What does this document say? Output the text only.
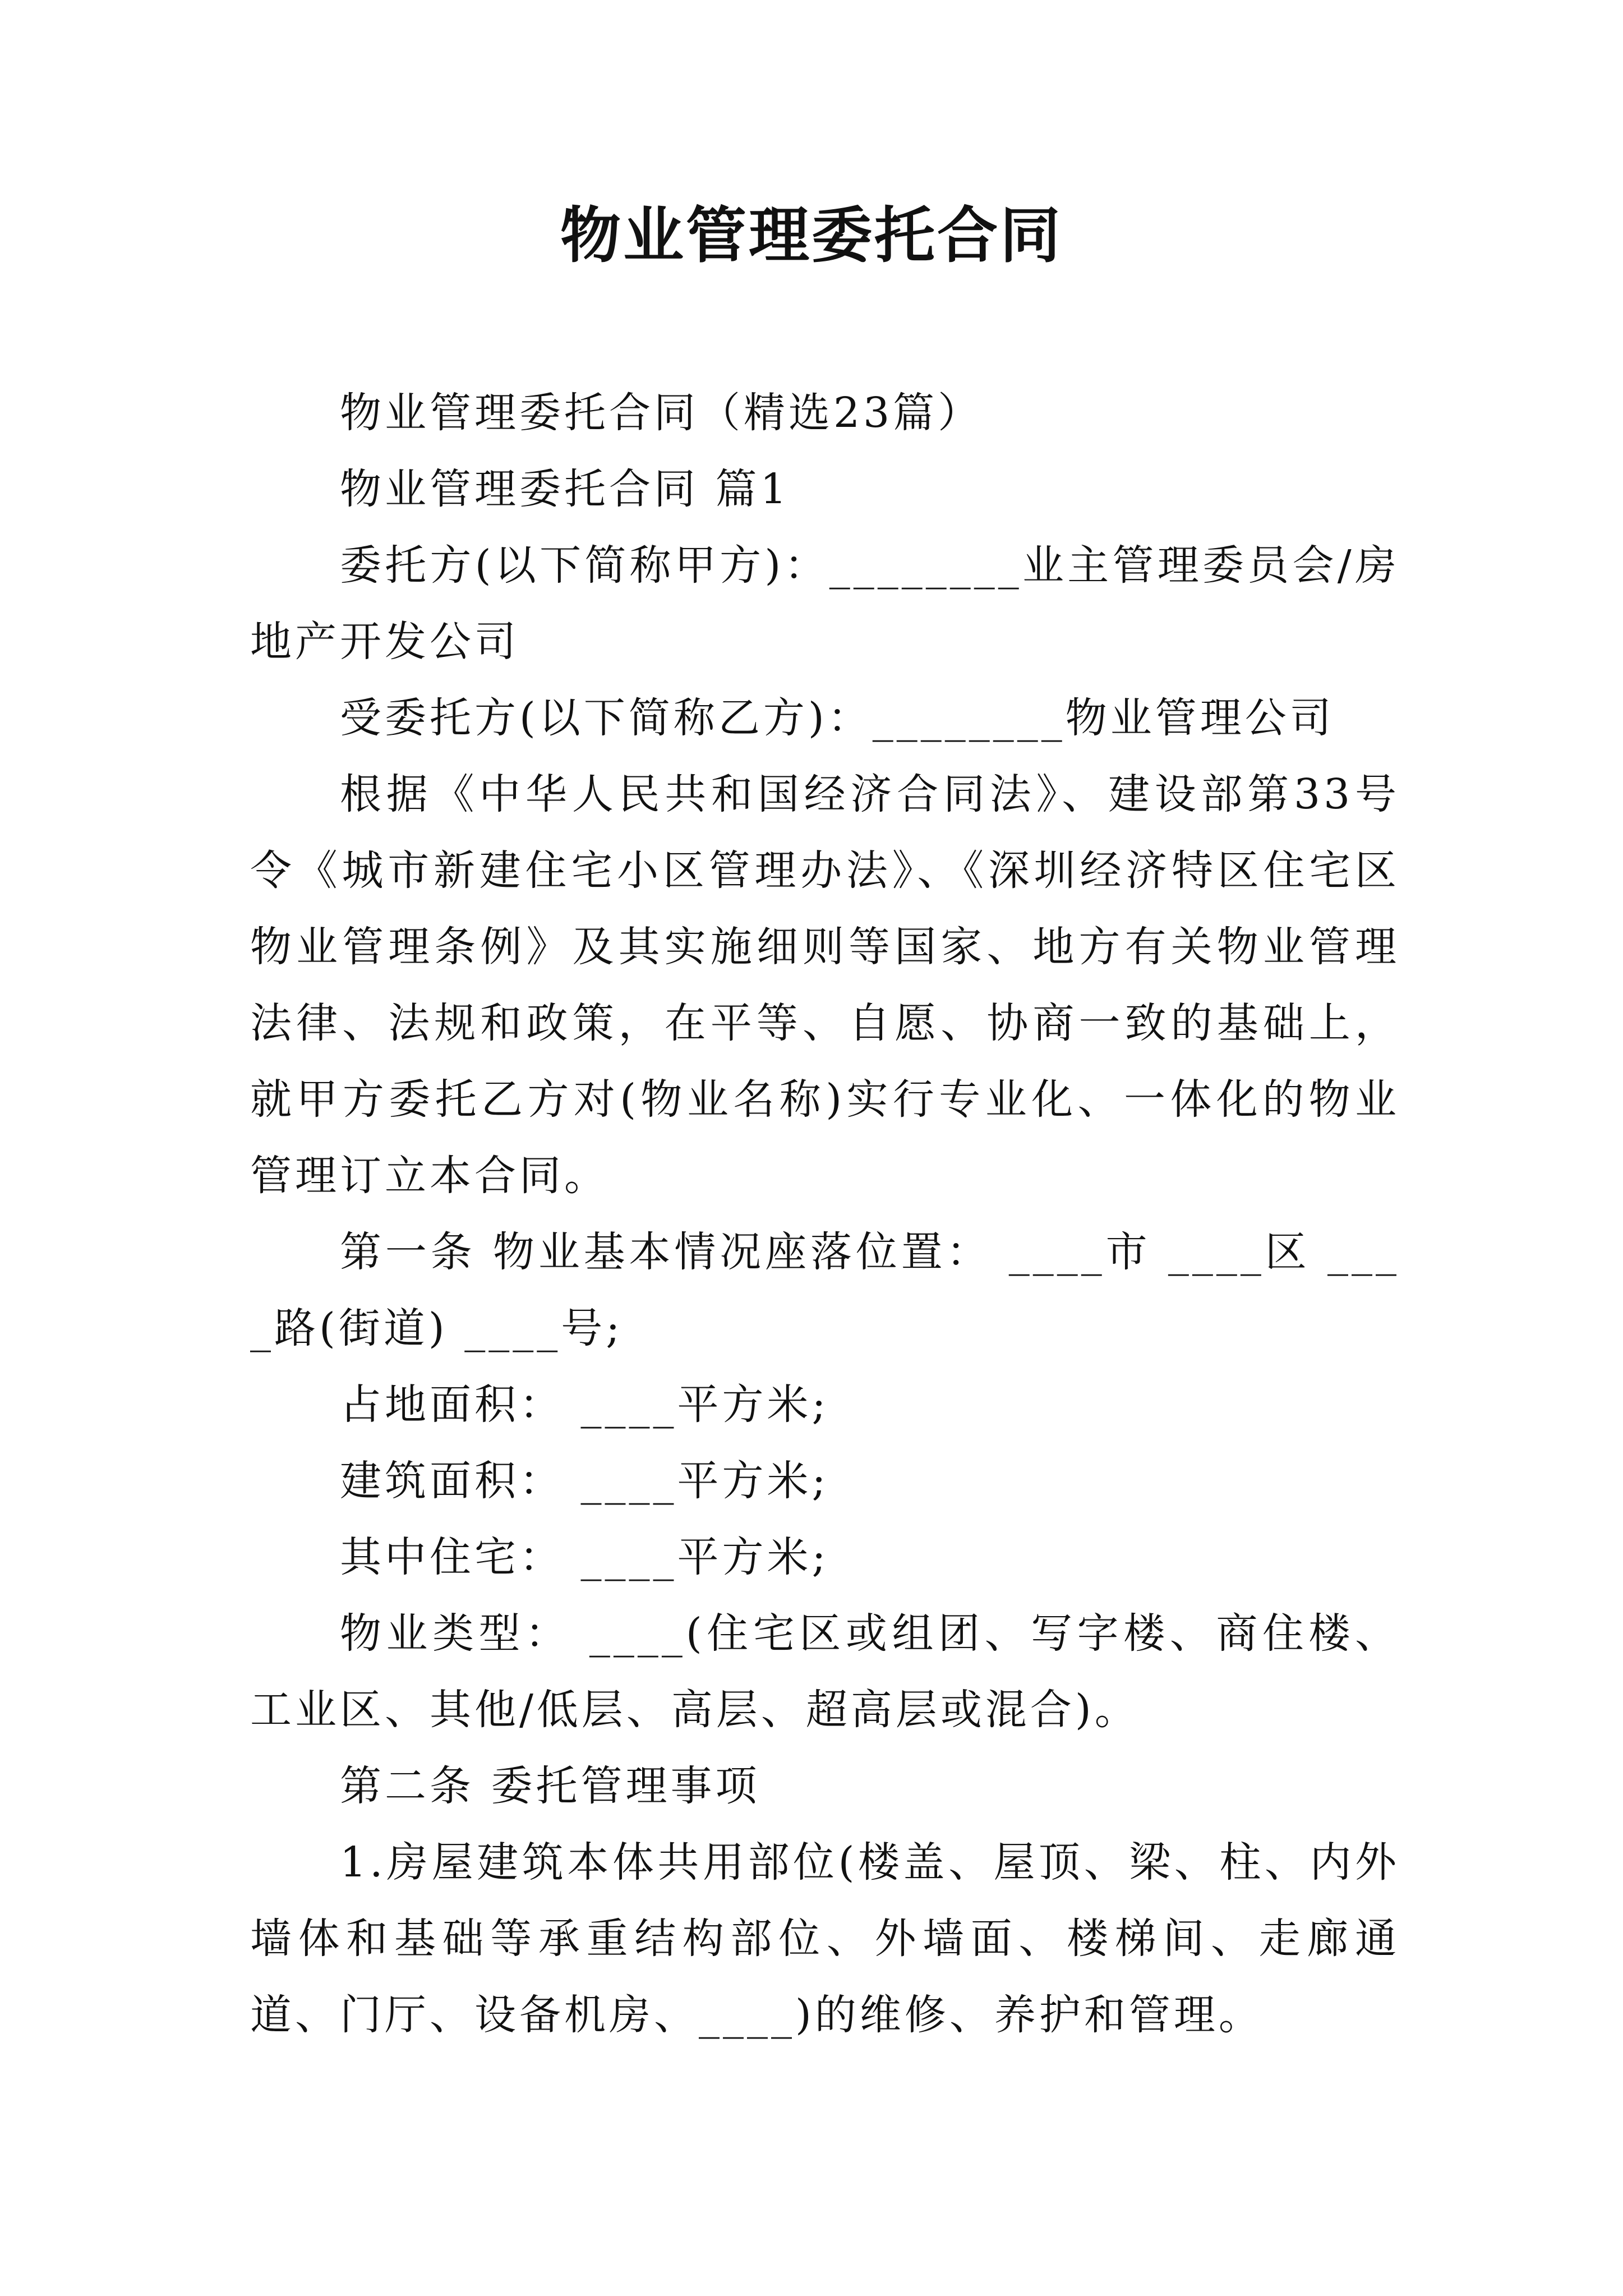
物业管理委托合同

物业管理委托合同（精选23篇）

物业管理委托合同 篇1

委托方(以下简称甲方)：________业主管理委员会/房地产开发公司

受委托方(以下简称乙方)：________物业管理公司

根据《中华人民共和国经济合同法》、建设部第33号令《城市新建住宅小区管理办法》、《深圳经济特区住宅区物业管理条例》及其实施细则等国家、地方有关物业管理法律、法规和政策，在平等、自愿、协商一致的基础上，就甲方委托乙方对(物业名称)实行专业化、一体化的物业管理订立本合同。

第一条 物业基本情况座落位置： ____市 ____区 ____路(街道) ____号;

占地面积： ____平方米;

建筑面积： ____平方米;

其中住宅： ____平方米;

物业类型： ____(住宅区或组团、写字楼、商住楼、工业区、其他/低层、高层、超高层或混合)。

第二条 委托管理事项

1.房屋建筑本体共用部位(楼盖、屋顶、梁、柱、内外墙体和基础等承重结构部位、外墙面、楼梯间、走廊通道、门厅、设备机房、____)的维修、养护和管理。
